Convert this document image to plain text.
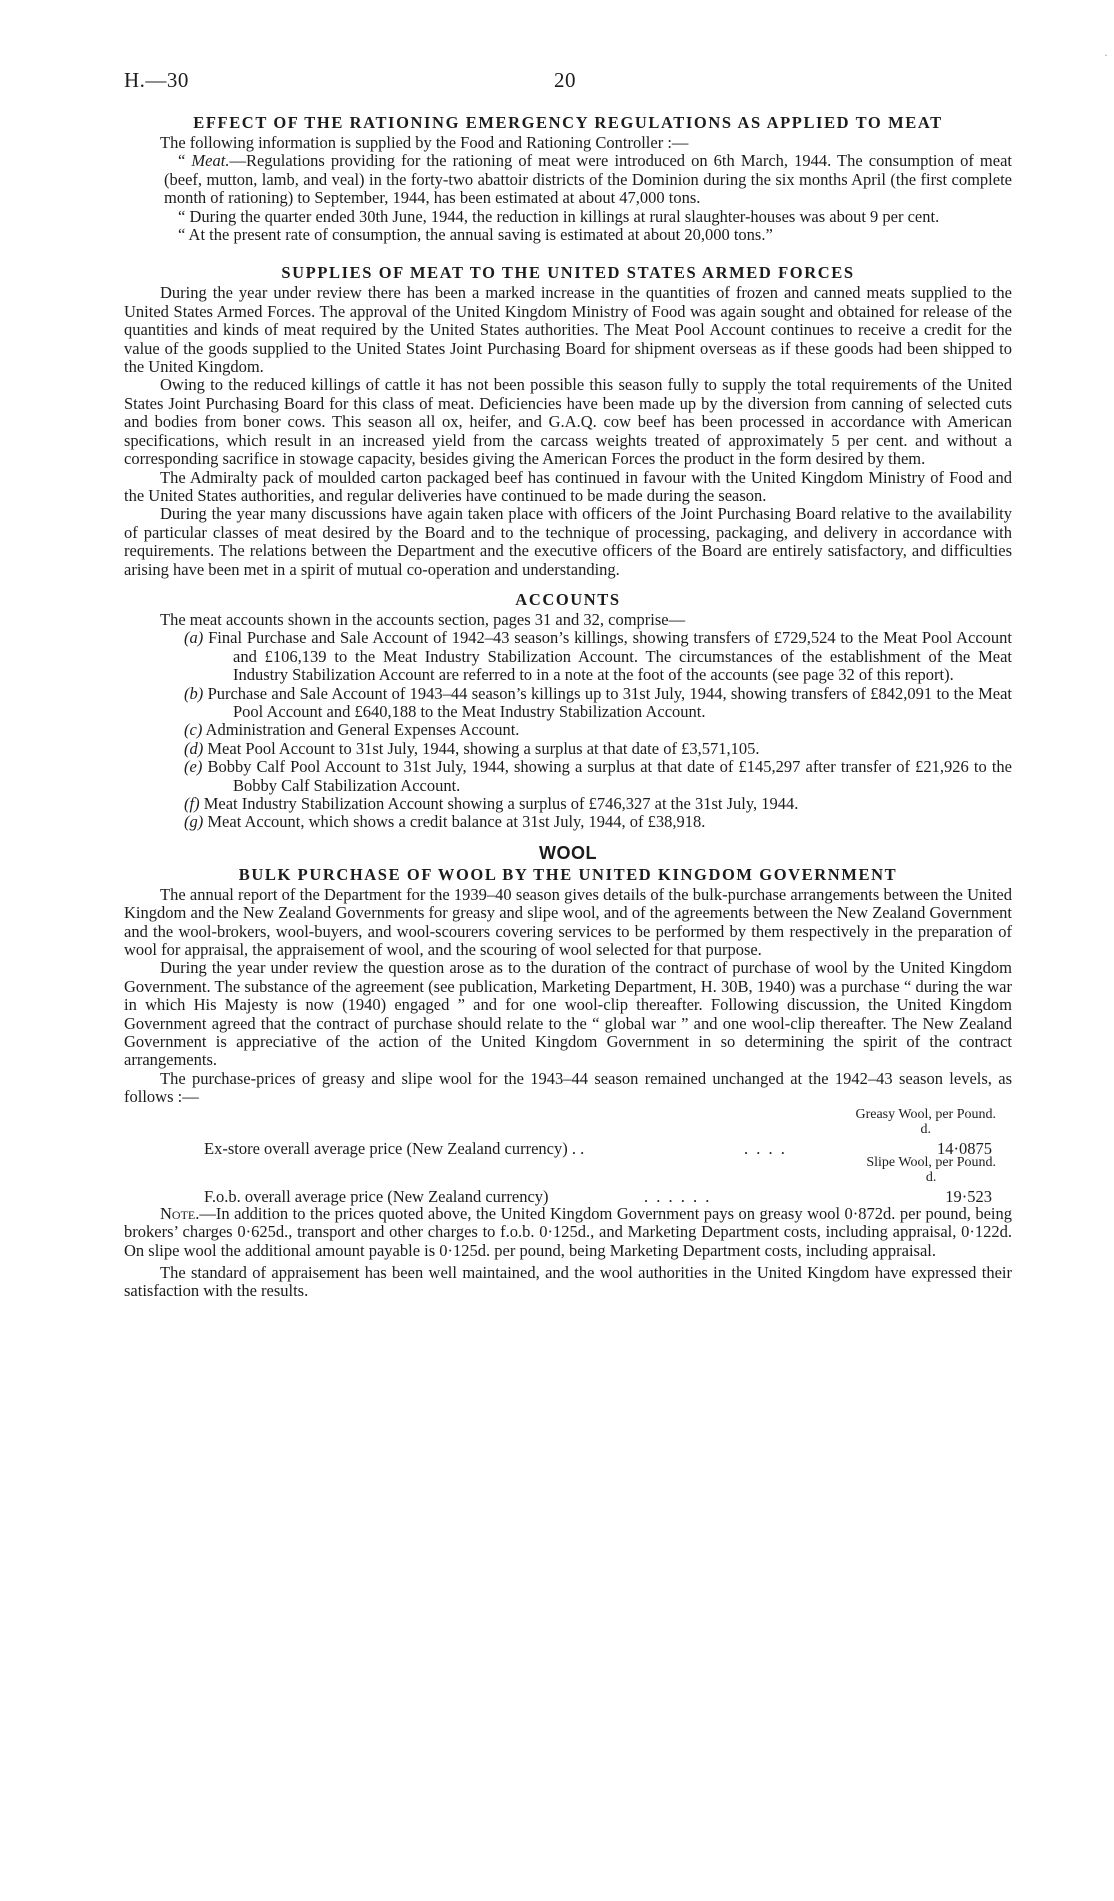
H.—30	20
·
EFFECT OF THE RATIONING EMERGENCY REGULATIONS AS APPLIED TO MEAT

The following information is supplied by the Food and Rationing Controller :—

“ Meat.—Regulations providing for the rationing of meat were introduced on 6th March, 1944. The consumption of meat (beef, mutton, lamb, and veal) in the forty-two abattoir districts of the Dominion during the six months April (the first complete month of rationing) to September, 1944, has been estimated at about 47,000 tons.

“ During the quarter ended 30th June, 1944, the reduction in killings at rural slaughter-houses was about 9 per cent.

“ At the present rate of consumption, the annual saving is estimated at about 20,000 tons.”

SUPPLIES OF MEAT TO THE UNITED STATES ARMED FORCES

During the year under review there has been a marked increase in the quantities of frozen and canned meats supplied to the United States Armed Forces. The approval of the United Kingdom Ministry of Food was again sought and obtained for release of the quantities and kinds of meat required by the United States authorities. The Meat Pool Account continues to receive a credit for the value of the goods supplied to the United States Joint Purchasing Board for shipment overseas as if these goods had been shipped to the United Kingdom.

Owing to the reduced killings of cattle it has not been possible this season fully to supply the total requirements of the United States Joint Purchasing Board for this class of meat. Deficiencies have been made up by the diversion from canning of selected cuts and bodies from boner cows. This season all ox, heifer, and G.A.Q. cow beef has been processed in accordance with American specifications, which result in an increased yield from the carcass weights treated of approximately 5 per cent. and without a corresponding sacrifice in stowage capacity, besides giving the American Forces the product in the form desired by them.

The Admiralty pack of moulded carton packaged beef has continued in favour with the United Kingdom Ministry of Food and the United States authorities, and regular deliveries have continued to be made during the season.

During the year many discussions have again taken place with officers of the Joint Purchasing Board relative to the availability of particular classes of meat desired by the Board and to the technique of processing, packaging, and delivery in accordance with requirements. The relations between the Department and the executive officers of the Board are entirely satisfactory, and difficulties arising have been met in a spirit of mutual co-operation and understanding.

ACCOUNTS

The meat accounts shown in the accounts section, pages 31 and 32, comprise—

(a) Final Purchase and Sale Account of 1942–43 season’s killings, showing transfers of £729,524 to the Meat Pool Account and £106,139 to the Meat Industry Stabilization Account. The circumstances of the establishment of the Meat Industry Stabilization Account are referred to in a note at the foot of the accounts (see page 32 of this report).
(b) Purchase and Sale Account of 1943–44 season’s killings up to 31st July, 1944, showing transfers of £842,091 to the Meat Pool Account and £640,188 to the Meat Industry Stabilization Account.
(c) Administration and General Expenses Account.
(d) Meat Pool Account to 31st July, 1944, showing a surplus at that date of £3,571,105.
(e) Bobby Calf Pool Account to 31st July, 1944, showing a surplus at that date of £145,297 after transfer of £21,926 to the Bobby Calf Stabilization Account.
(f) Meat Industry Stabilization Account showing a surplus of £746,327 at the 31st July, 1944.
(g) Meat Account, which shows a credit balance at 31st July, 1944, of £38,918.
WOOL
BULK PURCHASE OF WOOL BY THE UNITED KINGDOM GOVERNMENT

The annual report of the Department for the 1939–40 season gives details of the bulk-purchase arrangements between the United Kingdom and the New Zealand Governments for greasy and slipe wool, and of the agreements between the New Zealand Government and the wool-brokers, wool-buyers, and wool-scourers covering services to be performed by them respectively in the preparation of wool for appraisal, the appraisement of wool, and the scouring of wool selected for that purpose.

During the year under review the question arose as to the duration of the contract of purchase of wool by the United Kingdom Government. The substance of the agreement (see publication, Marketing Department, H. 30B, 1940) was a purchase “ during the war in which His Majesty is now (1940) engaged ” and for one wool-clip thereafter. Following discussion, the United Kingdom Government agreed that the contract of purchase should relate to the “ global war ” and one wool-clip thereafter. The New Zealand Government is appreciative of the action of the United Kingdom Government in so determining the spirit of the contract arrangements.

The purchase-prices of greasy and slipe wool for the 1943–44 season remained unchanged at the 1942–43 season levels, as follows :—

Greasy Wool, per Pound.
d.
Ex-store overall average price (New Zealand currency) . .	. . . .	14·0875
Slipe Wool, per Pound.
d.
F.o.b. overall average price (New Zealand currency)	. . . . . .	19·523

Note.—In addition to the prices quoted above, the United Kingdom Government pays on greasy wool 0·872d. per pound, being brokers’ charges 0·625d., transport and other charges to f.o.b. 0·125d., and Marketing Department costs, including appraisal, 0·122d. On slipe wool the additional amount payable is 0·125d. per pound, being Marketing Department costs, including appraisal.

The standard of appraisement has been well maintained, and the wool authorities in the United Kingdom have expressed their satisfaction with the results.
